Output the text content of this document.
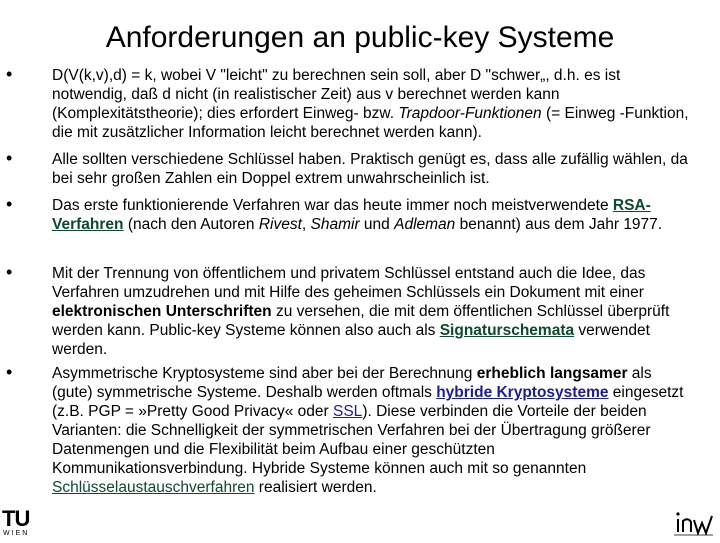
Anforderungen an public-key Systeme
•	D(V(k,v),d) = k, wobei V "leicht" zu berechnen sein soll, aber D "schwer„, d.h. es ist notwendig, daß d nicht (in realistischer Zeit) aus v berechnet werden kann (Komplexitätstheorie); dies erfordert Einweg- bzw. Trapdoor-Funktionen (= Einweg -Funktion, die mit zusätzlicher Information leicht berechnet werden kann).
•	Alle sollten verschiedene Schlüssel haben. Praktisch genügt es, dass alle zufällig wählen, da bei sehr großen Zahlen ein Doppel extrem unwahrscheinlich ist.
•	Das erste funktionierende Verfahren war das heute immer noch meistverwendete RSA-Verfahren (nach den Autoren Rivest, Shamir und Adleman benannt) aus dem Jahr 1977.
•	Mit der Trennung von öffentlichem und privatem Schlüssel entstand auch die Idee, das Verfahren umzudrehen und mit Hilfe des geheimen Schlüssels ein Dokument mit einer elektronischen Unterschriften zu versehen, die mit dem öffentlichen Schlüssel überprüft werden kann. Public-key Systeme können also auch als Signaturschemata verwendet werden.
•	Asymmetrische Kryptosysteme sind aber bei der Berechnung erheblich langsamer als (gute) symmetrische Systeme. Deshalb werden oftmals hybride Kryptosysteme eingesetzt (z.B. PGP = »Pretty Good Privacy« oder SSL). Diese verbinden die Vorteile der beiden Varianten: die Schnelligkeit der symmetrischen Verfahren bei der Übertragung größerer Datenmengen und die Flexibilität beim Aufbau einer geschützten Kommunikationsverbindung. Hybride Systeme können auch mit so genannten Schlüsselaustauschverfahren realisiert werden.
TU
WIEN
